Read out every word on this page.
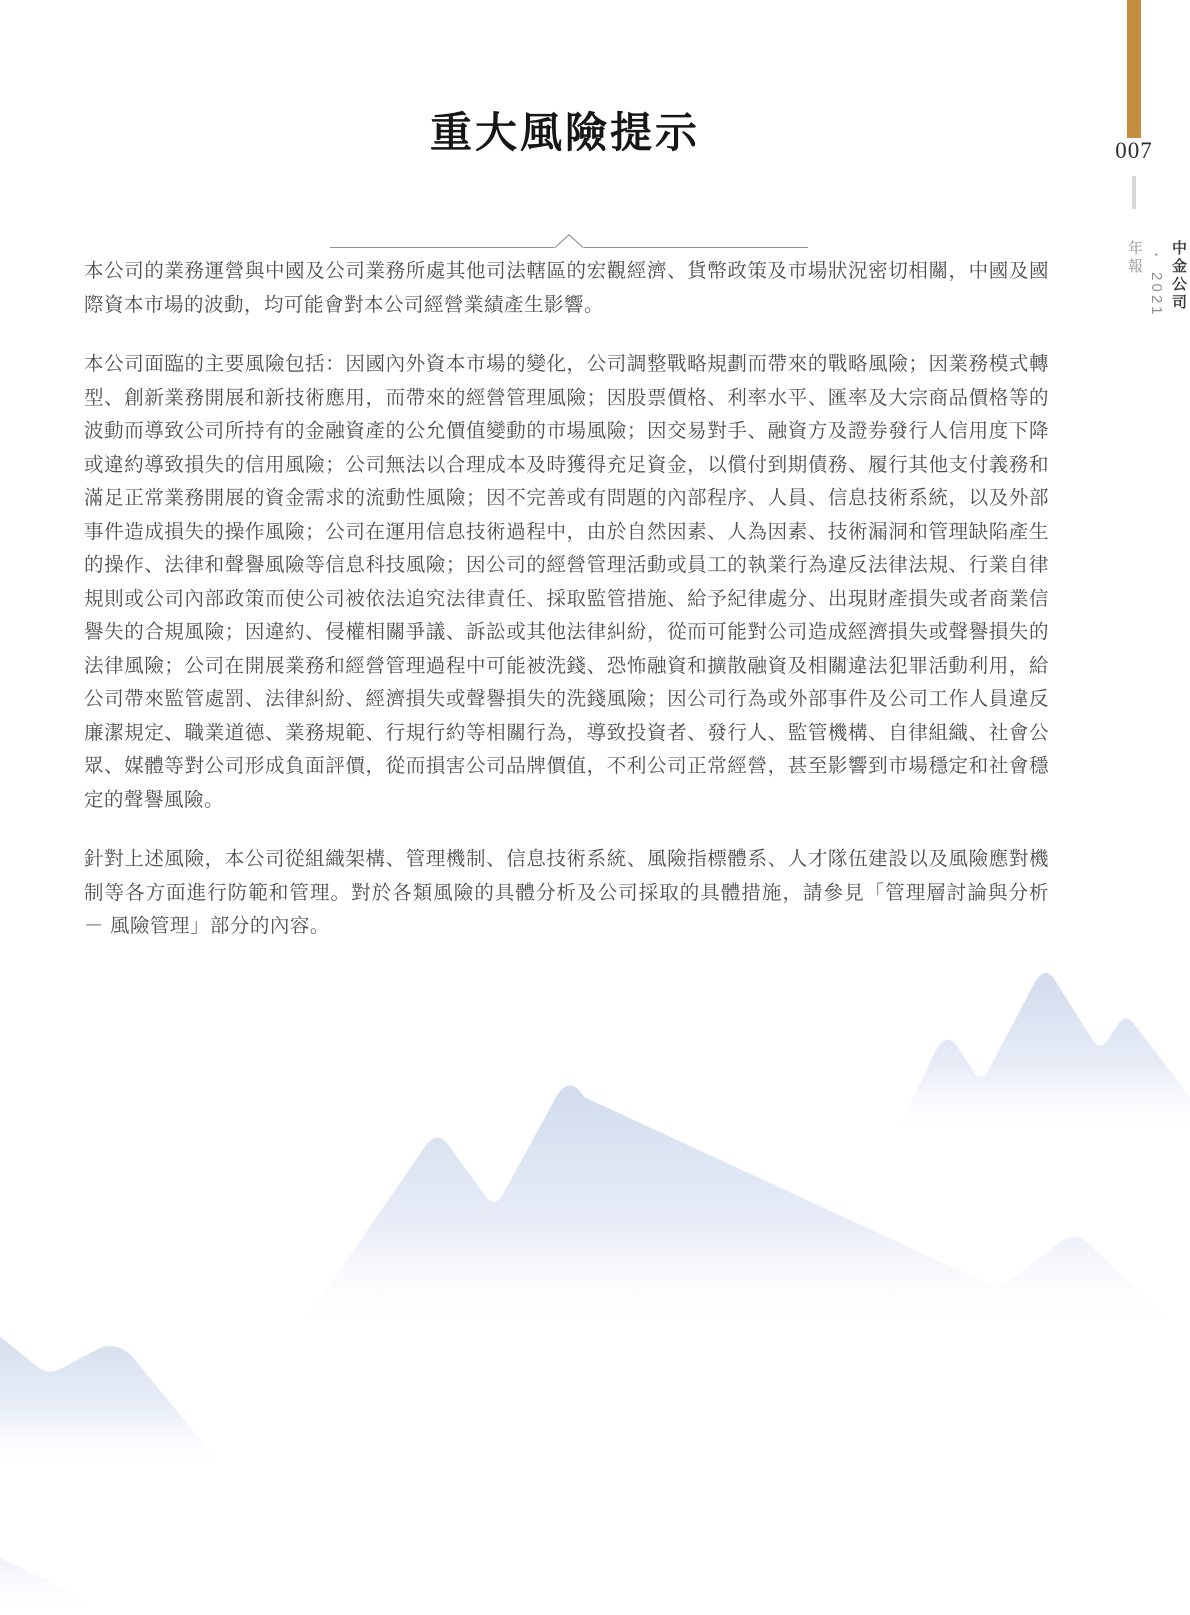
重大風險提示

本公司的業務運營與中國及公司業務所處其他司法轄區的宏觀經濟、貨幣政策及市場狀況密切相關，中國及國際資本市場的波動，均可能會對本公司經營業績產生影響。

本公司面臨的主要風險包括：因國內外資本市場的變化，公司調整戰略規劃而帶來的戰略風險；因業務模式轉型、創新業務開展和新技術應用，而帶來的經營管理風險；因股票價格、利率水平、匯率及大宗商品價格等的波動而導致公司所持有的金融資產的公允價值變動的市場風險；因交易對手、融資方及證券發行人信用度下降或違約導致損失的信用風險；公司無法以合理成本及時獲得充足資金，以償付到期債務、履行其他支付義務和滿足正常業務開展的資金需求的流動性風險；因不完善或有問題的內部程序、人員、信息技術系統，以及外部事件造成損失的操作風險；公司在運用信息技術過程中，由於自然因素、人為因素、技術漏洞和管理缺陷產生的操作、法律和聲譽風險等信息科技風險；因公司的經營管理活動或員工的執業行為違反法律法規、行業自律規則或公司內部政策而使公司被依法追究法律責任、採取監管措施、給予紀律處分、出現財產損失或者商業信譽失的合規風險；因違約、侵權相關爭議、訴訟或其他法律糾紛，從而可能對公司造成經濟損失或聲譽損失的法律風險；公司在開展業務和經營管理過程中可能被洗錢、恐怖融資和擴散融資及相關違法犯罪活動利用，給公司帶來監管處罰、法律糾紛、經濟損失或聲譽損失的洗錢風險；因公司行為或外部事件及公司工作人員違反廉潔規定、職業道德、業務規範、行規行約等相關行為，導致投資者、發行人、監管機構、自律組織、社會公眾、媒體等對公司形成負面評價，從而損害公司品牌價值，不利公司正常經營，甚至影響到市場穩定和社會穩定的聲譽風險。

針對上述風險，本公司從組織架構、管理機制、信息技術系統、風險指標體系、人才隊伍建設以及風險應對機制等各方面進行防範和管理。對於各類風險的具體分析及公司採取的具體措施，請參見「管理層討論與分析 － 風險管理」部分的內容。

007
中金公司•2021 年報
